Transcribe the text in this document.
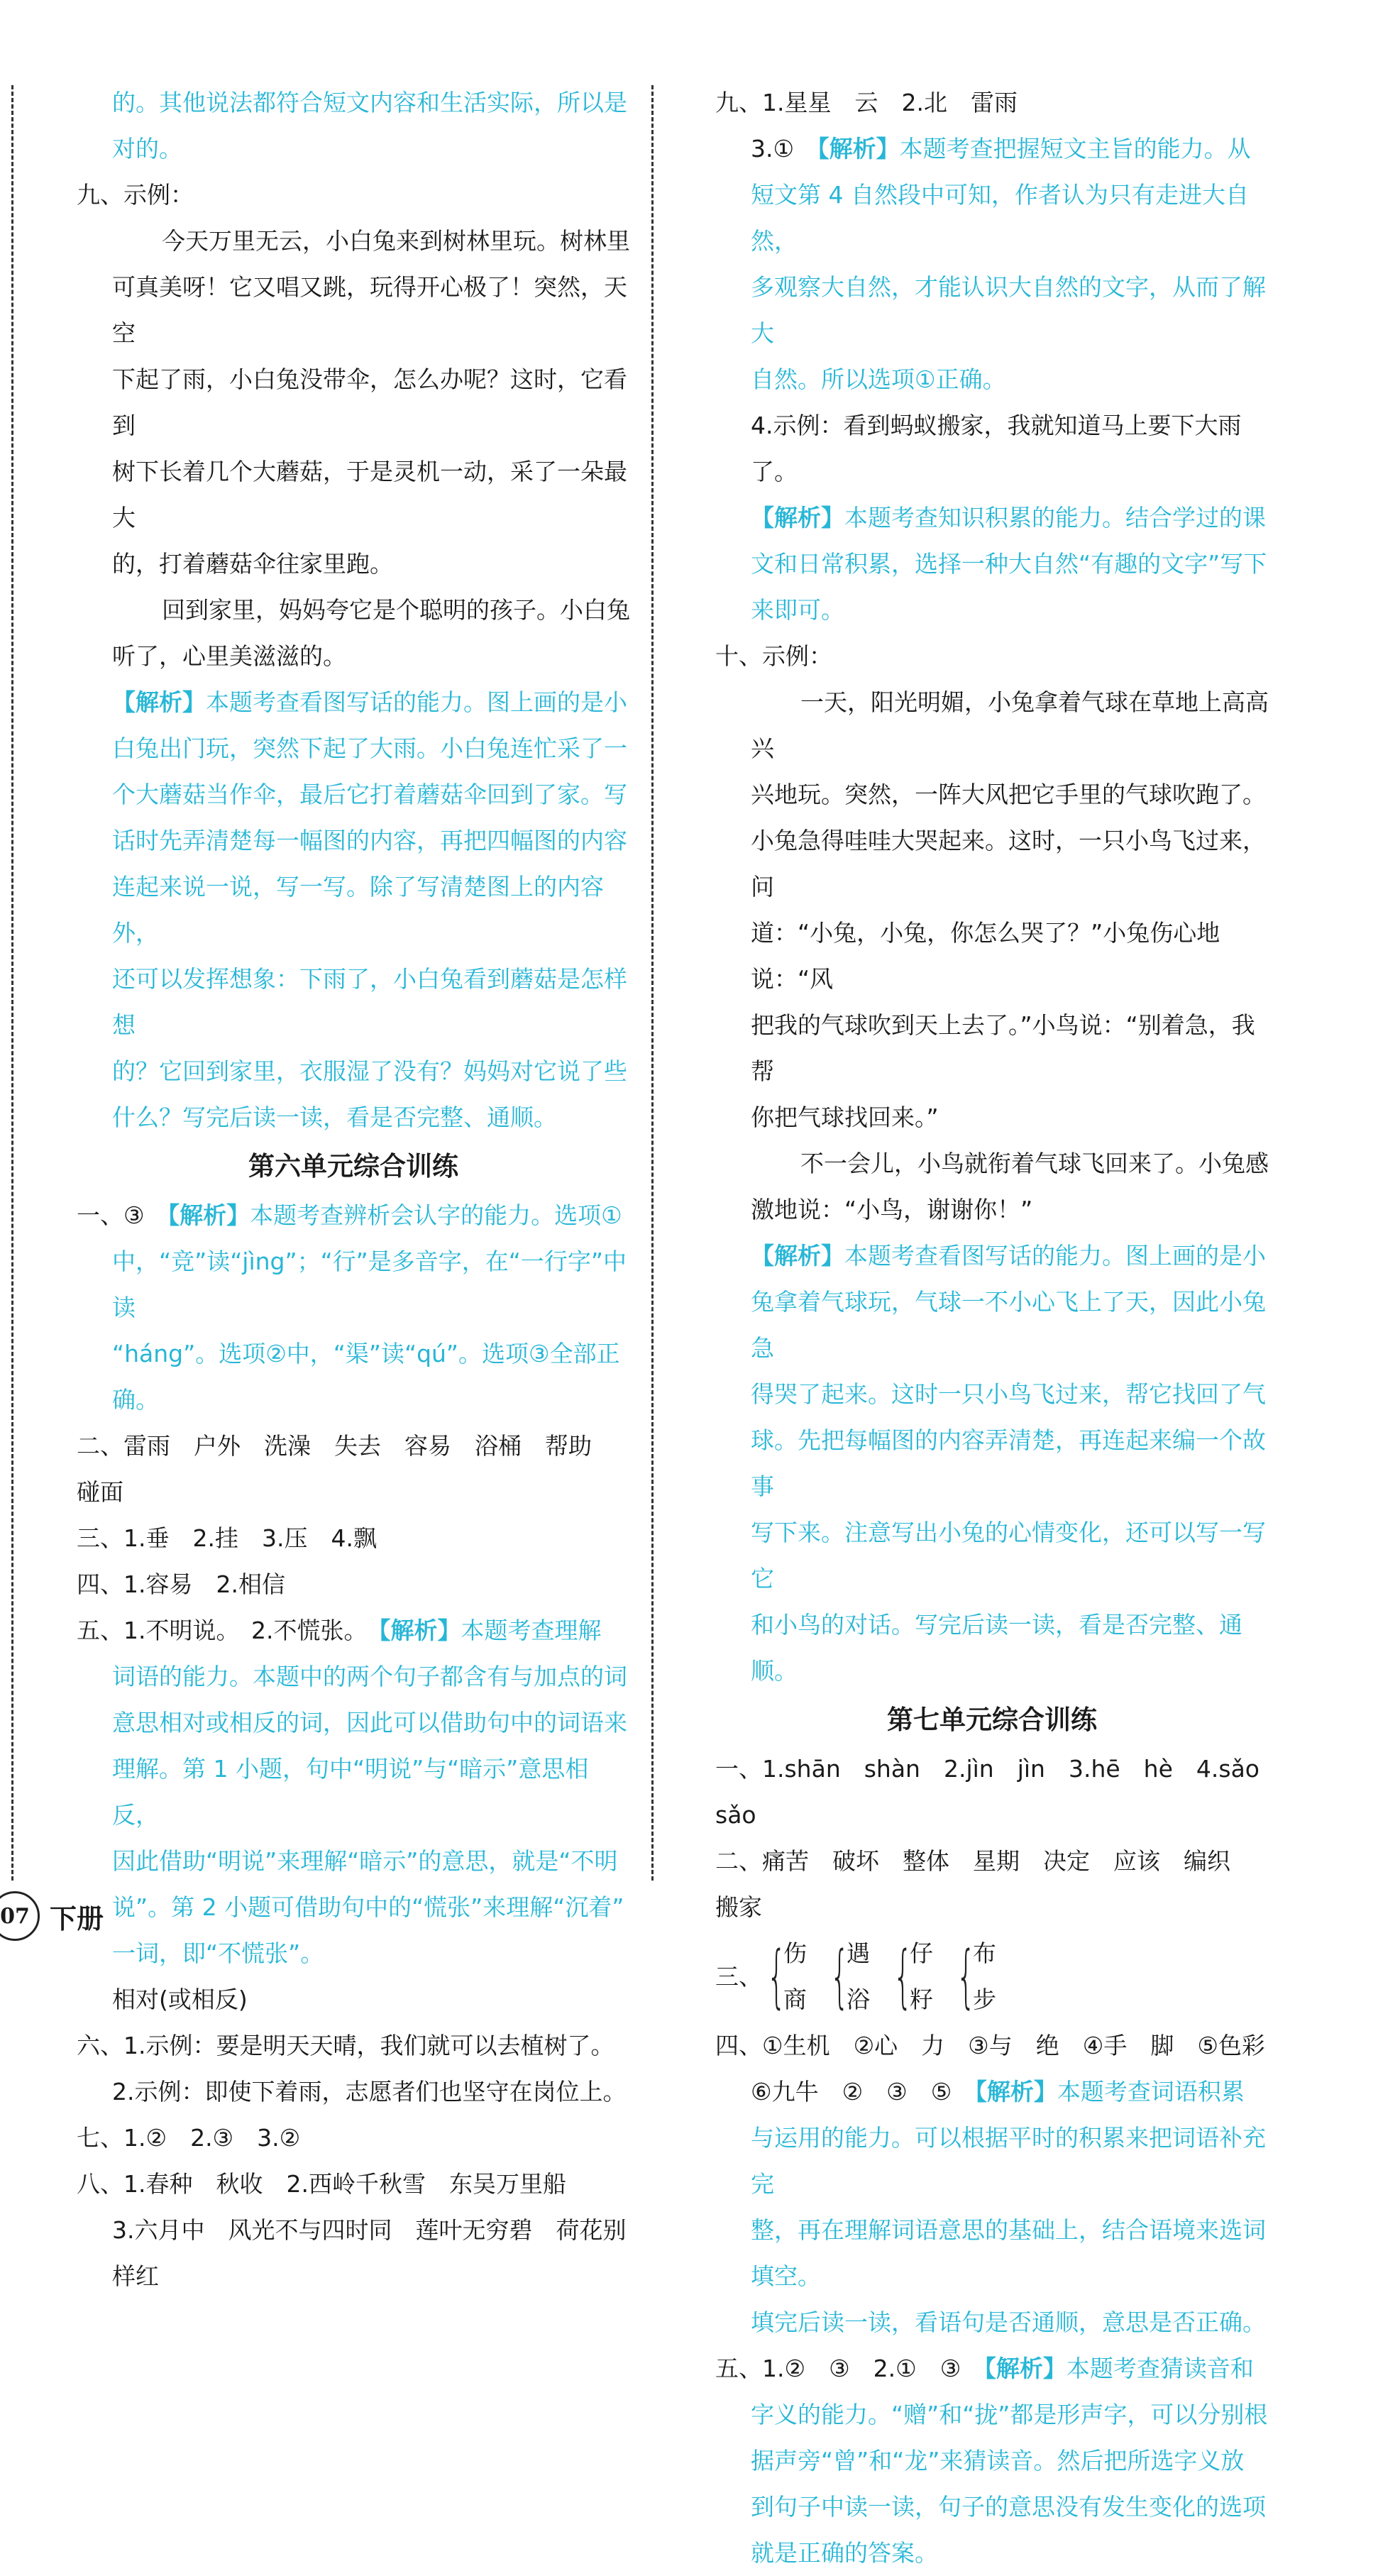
的。其他说法都符合短文内容和生活实际，所以是

对的。

九、示例：

今天万里无云，小白兔来到树林里玩。树林里

可真美呀！它又唱又跳，玩得开心极了！突然，天空

下起了雨，小白兔没带伞，怎么办呢？这时，它看到

树下长着几个大蘑菇，于是灵机一动，采了一朵最大

的，打着蘑菇伞往家里跑。

回到家里，妈妈夸它是个聪明的孩子。小白兔

听了，心里美滋滋的。

【解析】本题考查看图写话的能力。图上画的是小

白兔出门玩，突然下起了大雨。小白兔连忙采了一

个大蘑菇当作伞，最后它打着蘑菇伞回到了家。写

话时先弄清楚每一幅图的内容，再把四幅图的内容

连起来说一说，写一写。除了写清楚图上的内容外，

还可以发挥想象：下雨了，小白兔看到蘑菇是怎样想

的？它回到家里，衣服湿了没有？妈妈对它说了些

什么？写完后读一读，看是否完整、通顺。

第六单元综合训练

一、③　 【解析】本题考查辨析会认字的能力。选项①

中，“竞”读“jìng”；“行”是多音字，在“一行字”中读

“háng”。选项②中，“渠”读“qú”。选项③全部正确。

二、雷雨　户外　洗澡　失去　容易　浴桶　帮助　碰面

三、1.垂　2.挂　3.压　4.飘

四、1.容易　2.相信

五、1.不明说。　2.不慌张。　 【解析】本题考查理解

词语的能力。本题中的两个句子都含有与加点的词

意思相对或相反的词，因此可以借助句中的词语来

理解。第 1 小题，句中“明说”与“暗示”意思相反，

因此借助“明说”来理解“暗示”的意思，就是“不明

说”。第 2 小题可借助句中的“慌张”来理解“沉着”

一词，即“不慌张”。

相对(或相反)

六、1.示例：要是明天天晴，我们就可以去植树了。

2.示例：即使下着雨，志愿者们也坚守在岗位上。

七、1.②　2.③　3.②

八、1.春种　秋收　2.西岭千秋雪　东吴万里船

3.六月中　风光不与四时同　莲叶无穷碧　荷花别

样红

九、1.星星　云　2.北　雷雨

3.①　 【解析】本题考查把握短文主旨的能力。从

短文第 4 自然段中可知，作者认为只有走进大自然，

多观察大自然，才能认识大自然的文字，从而了解大

自然。所以选项①正确。

4.示例：看到蚂蚁搬家，我就知道马上要下大雨了。

【解析】本题考查知识积累的能力。结合学过的课

文和日常积累，选择一种大自然“有趣的文字”写下

来即可。

十、示例：

一天，阳光明媚，小兔拿着气球在草地上高高兴

兴地玩。突然，一阵大风把它手里的气球吹跑了。

小兔急得哇哇大哭起来。这时，一只小鸟飞过来，问

道：“小兔，小兔，你怎么哭了？”小兔伤心地说：“风

把我的气球吹到天上去了。”小鸟说：“别着急，我帮

你把气球找回来。”

不一会儿，小鸟就衔着气球飞回来了。小兔感

激地说：“小鸟，谢谢你！”

【解析】本题考查看图写话的能力。图上画的是小

兔拿着气球玩，气球一不小心飞上了天，因此小兔急

得哭了起来。这时一只小鸟飞过来，帮它找回了气

球。先把每幅图的内容弄清楚，再连起来编一个故事

写下来。注意写出小兔的心情变化，还可以写一写它

和小鸟的对话。写完后读一读，看是否完整、通顺。

第七单元综合训练

一、1.shān　shàn　2.jìn　jìn　3.hē　hè　4.sǎo　sǎo

二、痛苦　破坏　整体　星期　决定　应该　编织　搬家

三、 {
伤
商 {
遇
浴 {
仔
籽 {
布
步

四、①生机　②心　力　③与　绝　④手　脚　⑤色彩

⑥九牛　②　③　⑤　 【解析】本题考查词语积累

与运用的能力。可以根据平时的积累来把词语补充完

整，再在理解词语意思的基础上，结合语境来选词填空。

填完后读一读，看语句是否通顺，意思是否正确。

五、1.②　③　2.①　③　 【解析】本题考查猜读音和

字义的能力。“赠”和“拢”都是形声字，可以分别根

据声旁“曾”和“龙”来猜读音。然后把所选字义放

到句子中读一读，句子的意思没有发生变化的选项

就是正确的答案。

07 下册
